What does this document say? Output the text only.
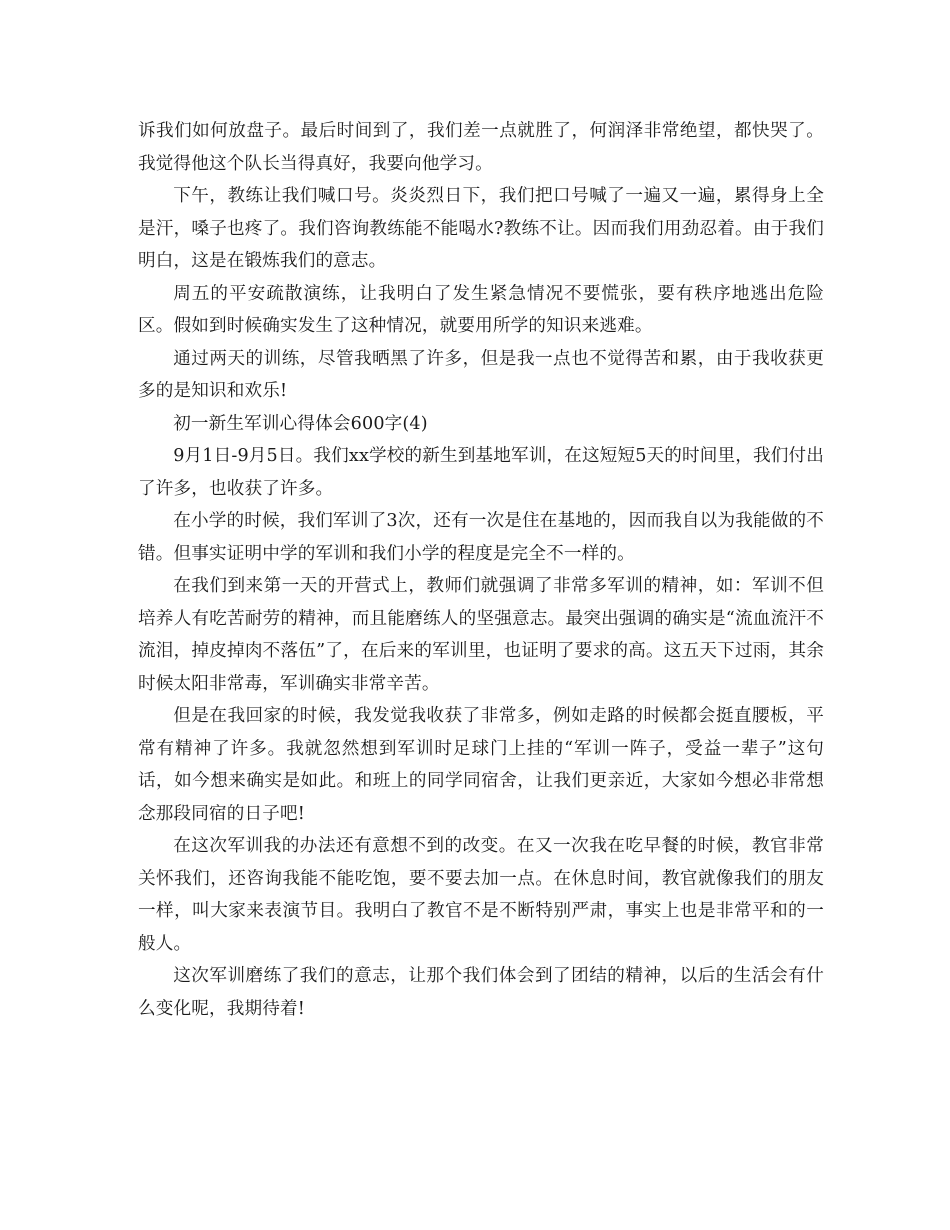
诉我们如何放盘子。最后时间到了，我们差一点就胜了，何润泽非常绝望，都快哭了。我觉得他这个队长当得真好，我要向他学习。

下午，教练让我们喊口号。炎炎烈日下，我们把口号喊了一遍又一遍，累得身上全是汗，嗓子也疼了。我们咨询教练能不能喝水?教练不让。因而我们用劲忍着。由于我们明白，这是在锻炼我们的意志。

周五的平安疏散演练，让我明白了发生紧急情况不要慌张，要有秩序地逃出危险区。假如到时候确实发生了这种情况，就要用所学的知识来逃难。

通过两天的训练，尽管我晒黑了许多，但是我一点也不觉得苦和累，由于我收获更多的是知识和欢乐!

初一新生军训心得体会600字(4)

9月1日-9月5日。我们xx学校的新生到基地军训，在这短短5天的时间里，我们付出了许多，也收获了许多。

在小学的时候，我们军训了3次，还有一次是住在基地的，因而我自以为我能做的不错。但事实证明中学的军训和我们小学的程度是完全不一样的。

在我们到来第一天的开营式上，教师们就强调了非常多军训的精神，如：军训不但培养人有吃苦耐劳的精神，而且能磨练人的坚强意志。最突出强调的确实是“流血流汗不流泪，掉皮掉肉不落伍”了，在后来的军训里，也证明了要求的高。这五天下过雨，其余时候太阳非常毒，军训确实非常辛苦。

但是在我回家的时候，我发觉我收获了非常多，例如走路的时候都会挺直腰板，平常有精神了许多。我就忽然想到军训时足球门上挂的“军训一阵子，受益一辈子”这句话，如今想来确实是如此。和班上的同学同宿舍，让我们更亲近，大家如今想必非常想念那段同宿的日子吧!

在这次军训我的办法还有意想不到的改变。在又一次我在吃早餐的时候，教官非常关怀我们，还咨询我能不能吃饱，要不要去加一点。在休息时间，教官就像我们的朋友一样，叫大家来表演节目。我明白了教官不是不断特别严肃，事实上也是非常平和的一般人。

这次军训磨练了我们的意志，让那个我们体会到了团结的精神，以后的生活会有什么变化呢，我期待着!
